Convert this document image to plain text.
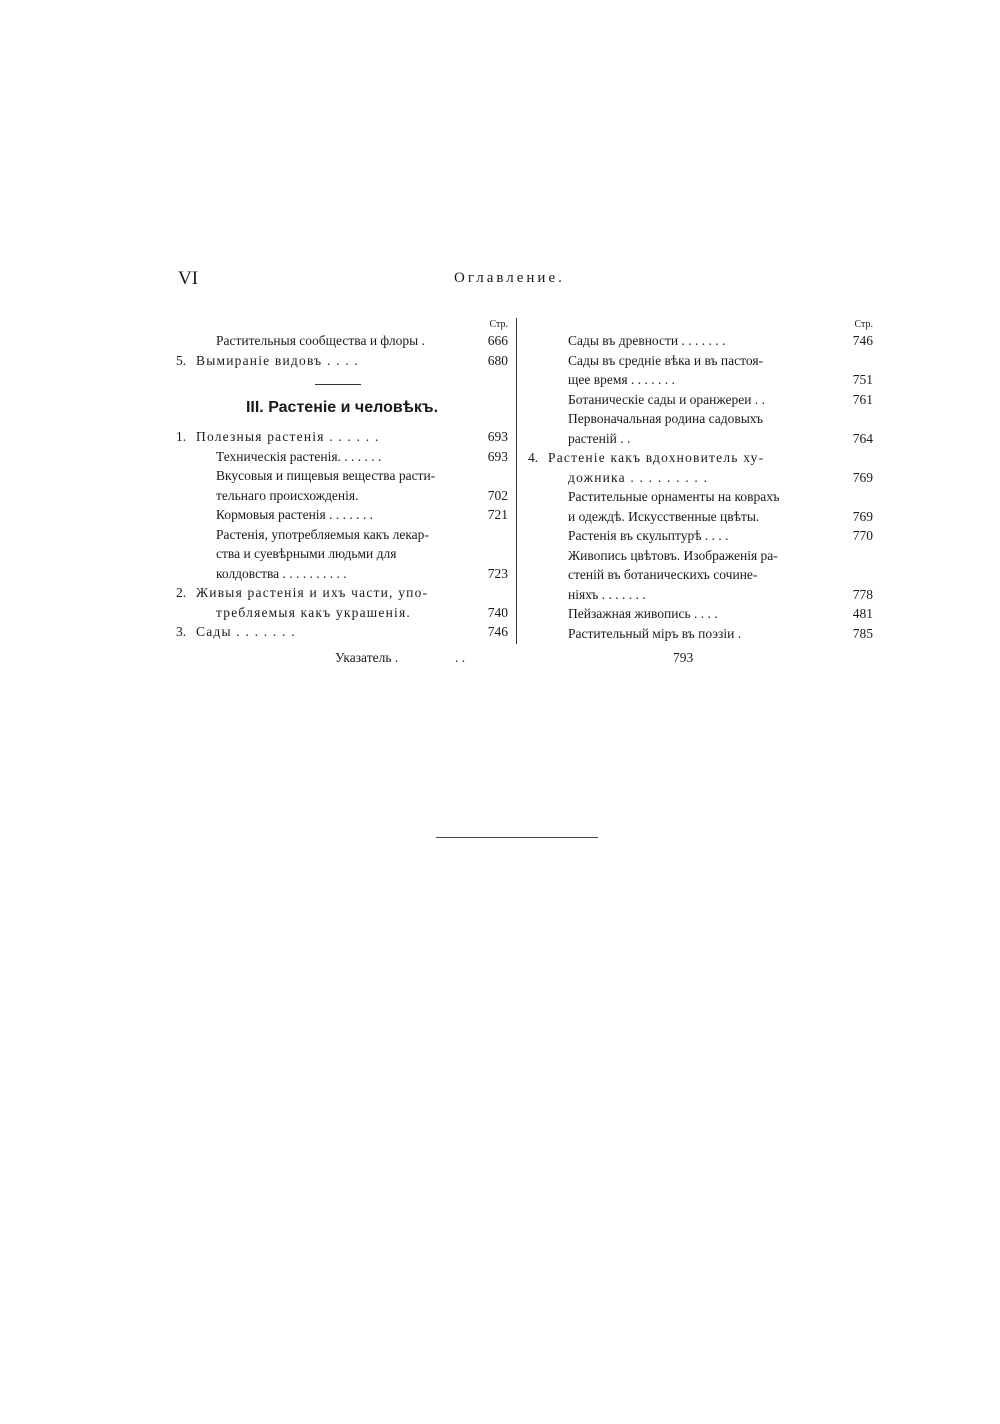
VI	Оглавление.
Стр.
Растительныя сообщества и флоры .	666
5. Вымираніе видовъ . . . .	680
III. Растеніе и человѣкъ.
1. Полезныя растенія . . . . . .	693
Техническія растенія. . . . . . .	693
Вкусовыя и пищевыя вещества расти-
тельнаго происхожденія.	702
Кормовыя растенія . . . . . . .	721
Растенія, употребляемыя какъ лекар-
ства и суевѣрными людьми для
колдовства . . . . . . . . . .	723
2. Живыя растенія и ихъ части, упо-
требляемыя какъ украшенія.	740
3. Сады . . . . . . .	746
Стр.
Сады въ древности . . . . . . .	746
Сады въ средніе вѣка и въ пастоя-
щее время . . . . . . .	751
Ботаническіе сады и оранжереи . .	761
Первоначальная родина садовыхъ
растеній . .	764
4. Растеніе какъ вдохновитель ху-
дожника . . . . . . . . .	769
Растительные орнаменты на коврахъ
и одеждѣ. Искусственные цвѣты.	769
Растенія въ скульптурѣ . . . .	770
Живопись цвѣтовъ. Изображенія ра-
стеній въ ботаническихъ сочине-
ніяхъ . . . . . . .	778
Пейзажная живопись . . . .	481
Растительный міръ въ поэзіи .	785
Указатель .	. .	793
